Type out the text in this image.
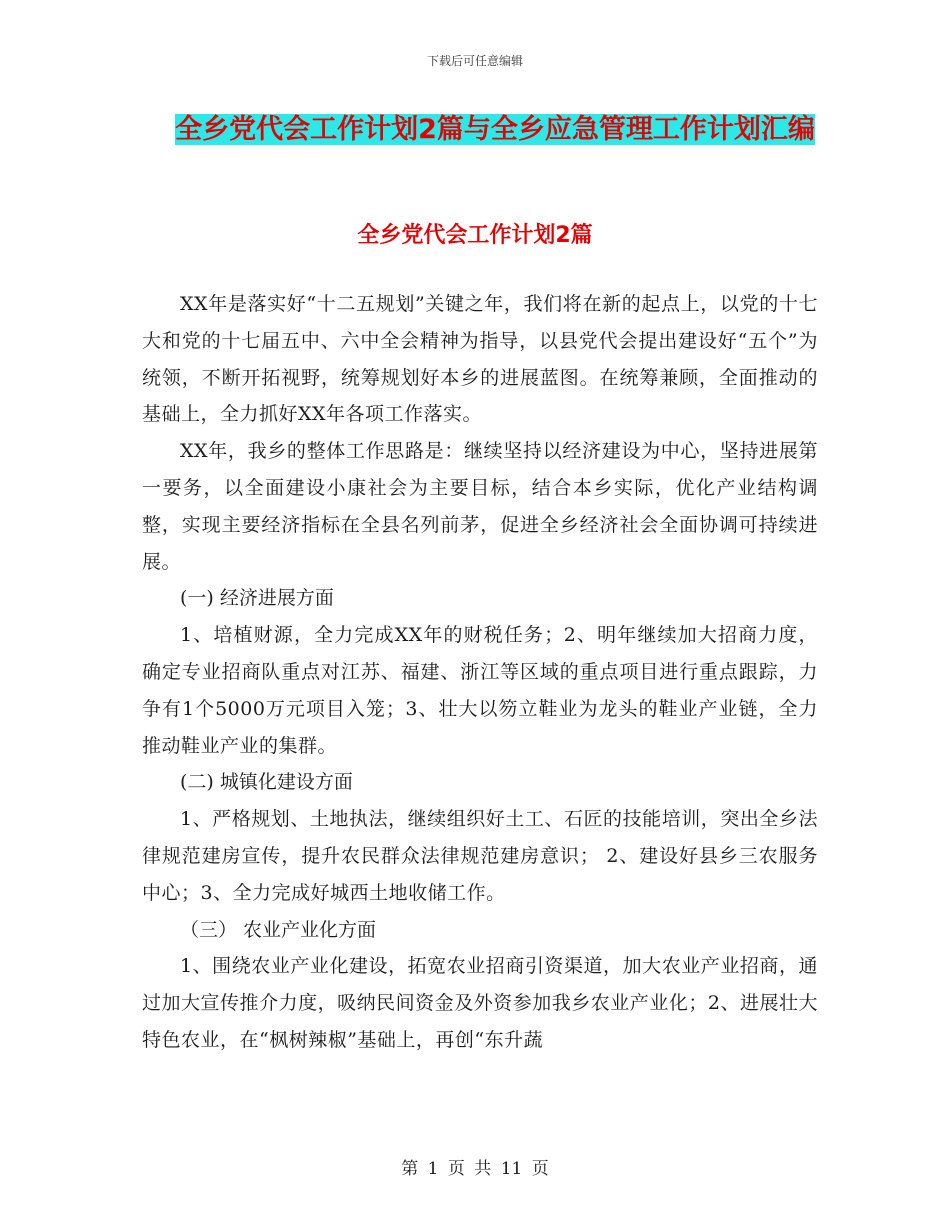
下载后可任意编辑
全乡党代会工作计划2篇与全乡应急管理工作计划汇编
全乡党代会工作计划2篇

XX年是落实好“十二五规划”关键之年，我们将在新的起点上，以党的十七大和党的十七届五中、六中全会精神为指导，以县党代会提出建设好“五个”为统领，不断开拓视野，统筹规划好本乡的进展蓝图。在统筹兼顾，全面推动的基础上，全力抓好XX年各项工作落实。

XX年，我乡的整体工作思路是：继续坚持以经济建设为中心，坚持进展第一要务，以全面建设小康社会为主要目标，结合本乡实际，优化产业结构调整，实现主要经济指标在全县名列前茅，促进全乡经济社会全面协调可持续进展。

(一) 经济进展方面

1、培植财源，全力完成XX年的财税任务；2、明年继续加大招商力度，确定专业招商队重点对江苏、福建、浙江等区域的重点项目进行重点跟踪，力争有1个5000万元项目入笼；3、壮大以笏立鞋业为龙头的鞋业产业链，全力推动鞋业产业的集群。

(二) 城镇化建设方面

1、严格规划、土地执法，继续组织好土工、石匠的技能培训，突出全乡法律规范建房宣传，提升农民群众法律规范建房意识； 2、建设好县乡三农服务中心；3、全力完成好城西土地收储工作。

（三） 农业产业化方面

1、围绕农业产业化建设，拓宽农业招商引资渠道，加大农业产业招商，通过加大宣传推介力度，吸纳民间资金及外资参加我乡农业产业化；2、进展壮大特色农业，在“枫树辣椒”基础上，再创“东升蔬

第 1 页 共 11 页
